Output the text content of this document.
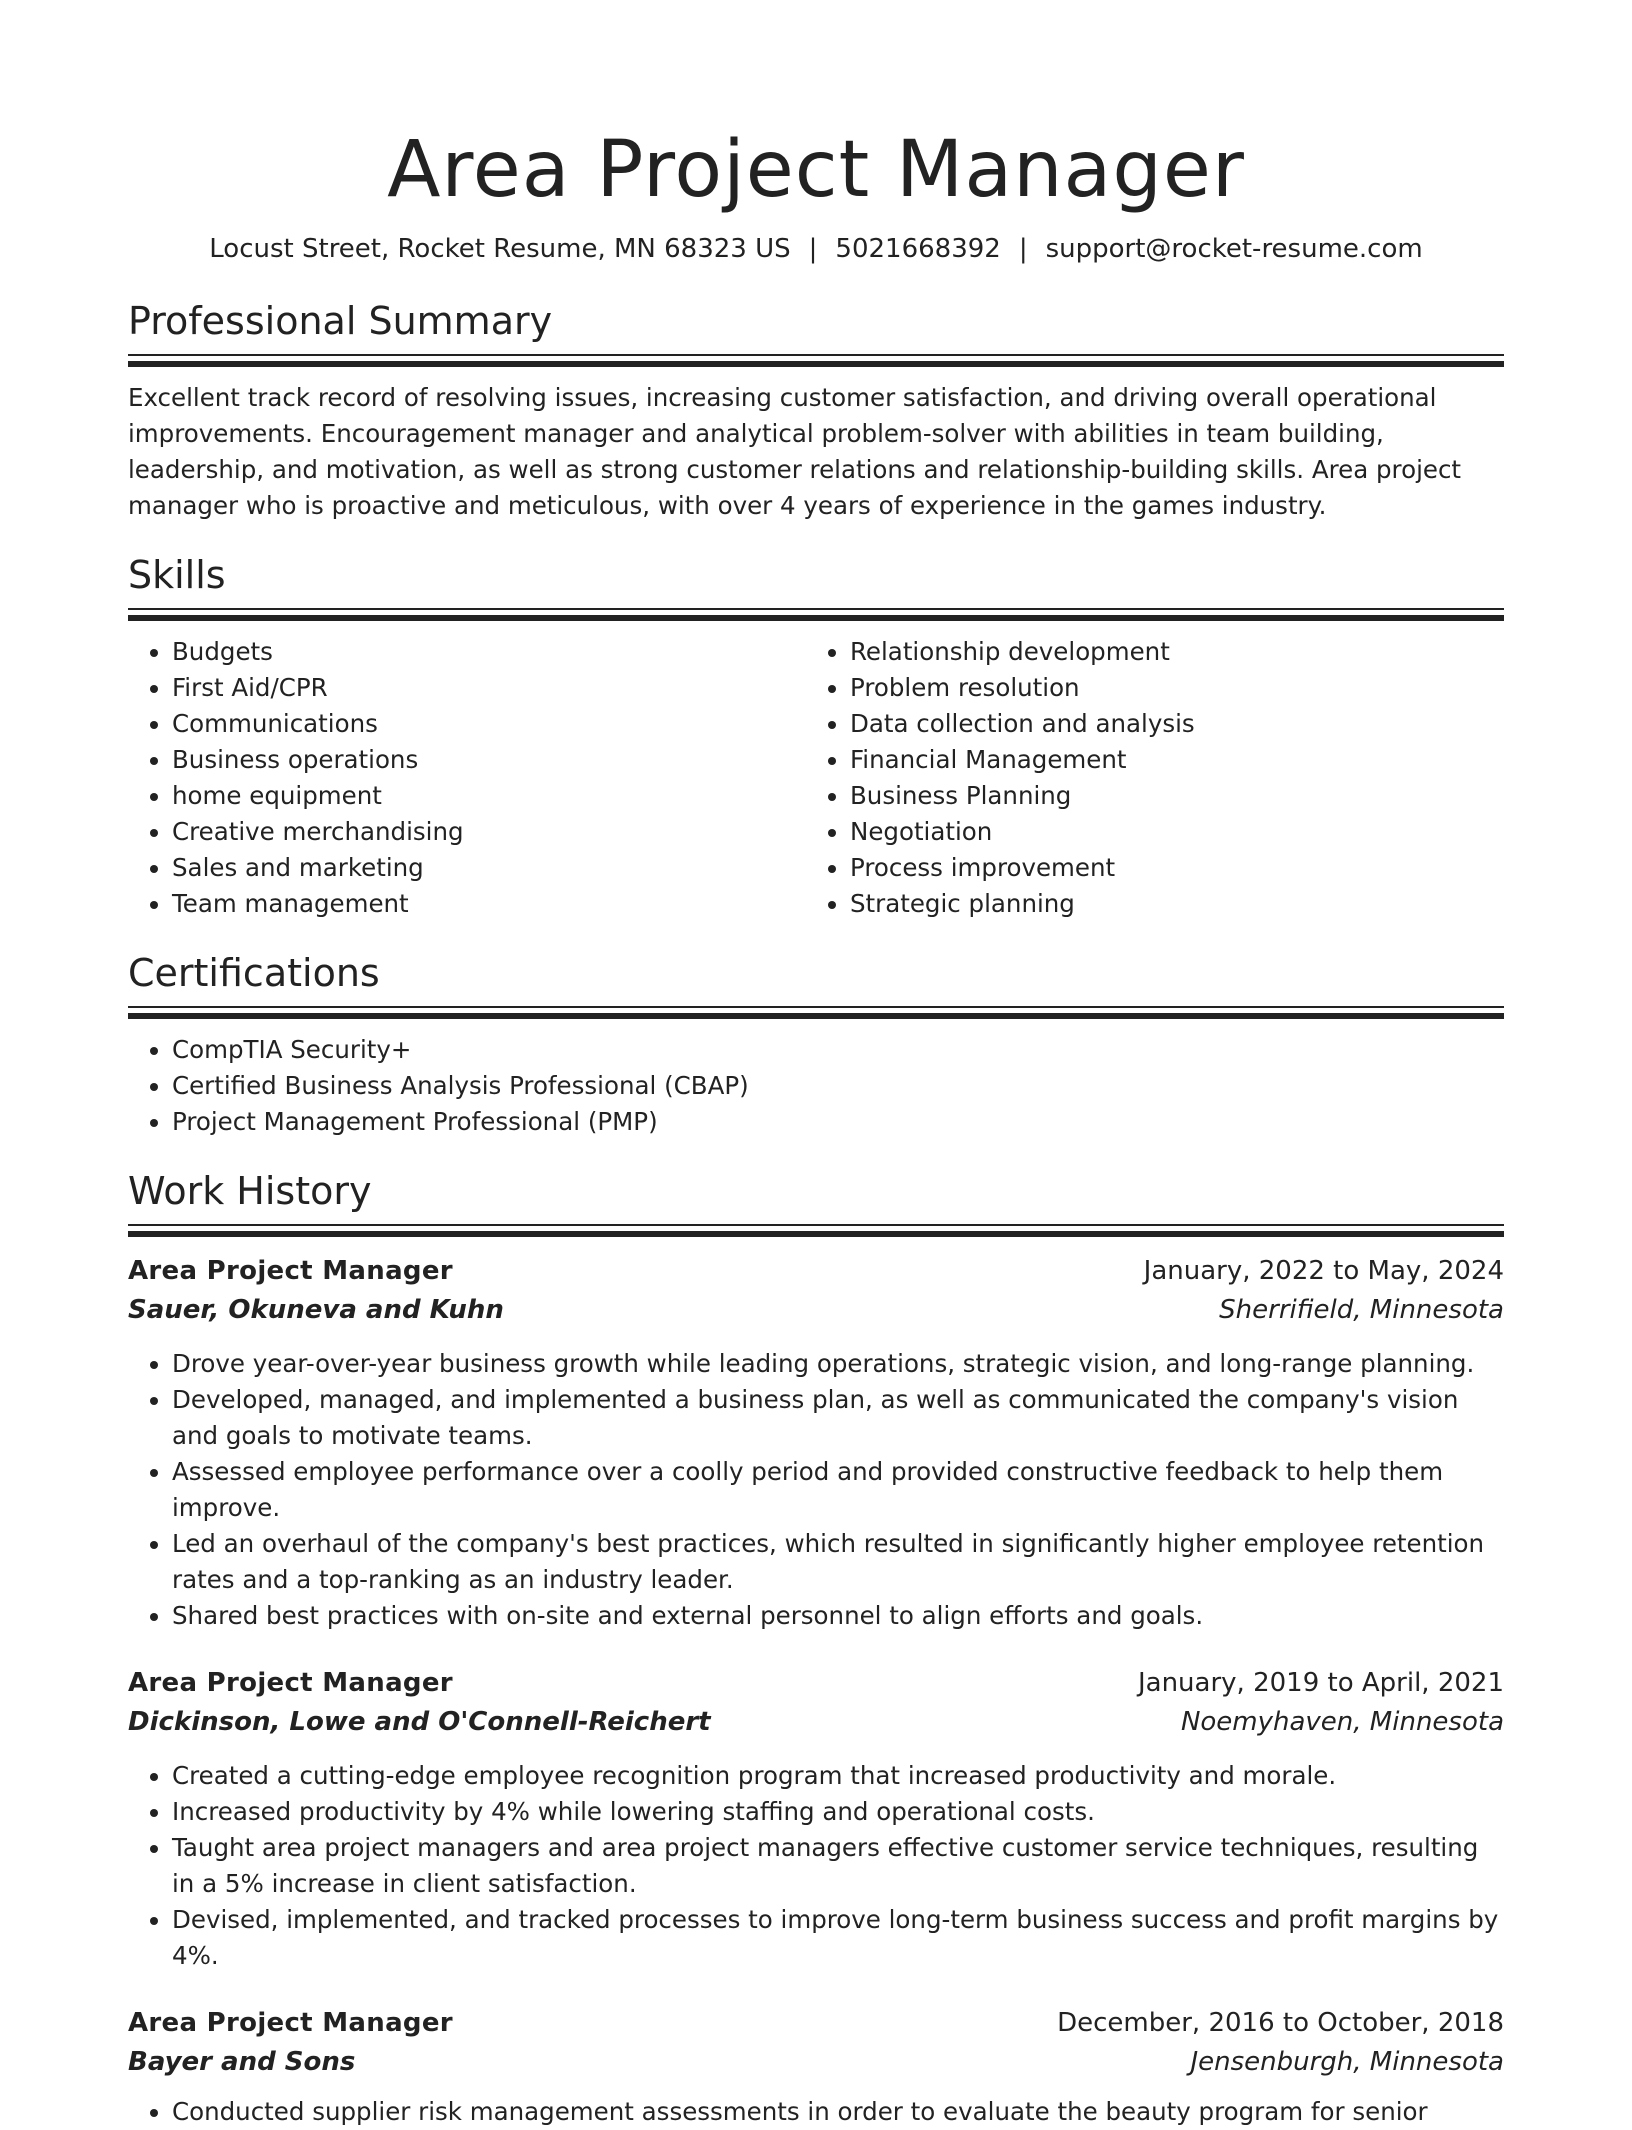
Area Project Manager
Locust Street, Rocket Resume, MN 68323 US | 5021668392 | support@rocket-resume.com
Professional Summary

Excellent track record of resolving issues, increasing customer satisfaction, and driving overall operational improvements. Encouragement manager and analytical problem-solver with abilities in team building, leadership, and motivation, as well as strong customer relations and relationship-building skills. Area project manager who is proactive and meticulous, with over 4 years of experience in the games industry.

Skills
• Budgets
• First Aid/CPR
• Communications
• Business operations
• home equipment
• Creative merchandising
• Sales and marketing
• Team management
• Relationship development
• Problem resolution
• Data collection and analysis
• Financial Management
• Business Planning
• Negotiation
• Process improvement
• Strategic planning
Certifications
• CompTIA Security+
• Certified Business Analysis Professional (CBAP)
• Project Management Professional (PMP)
Work History
Area Project Manager	January, 2022 to May, 2024
Sauer, Okuneva and Kuhn	Sherrifield, Minnesota
• Drove year-over-year business growth while leading operations, strategic vision, and long-range planning.
• Developed, managed, and implemented a business plan, as well as communicated the company's vision and goals to motivate teams.
• Assessed employee performance over a coolly period and provided constructive feedback to help them improve.
• Led an overhaul of the company's best practices, which resulted in significantly higher employee retention rates and a top-ranking as an industry leader.
• Shared best practices with on-site and external personnel to align efforts and goals.
Area Project Manager	January, 2019 to April, 2021
Dickinson, Lowe and O'Connell-Reichert	Noemyhaven, Minnesota
• Created a cutting-edge employee recognition program that increased productivity and morale.
• Increased productivity by 4% while lowering staffing and operational costs.
• Taught area project managers and area project managers effective customer service techniques, resulting in a 5% increase in client satisfaction.
• Devised, implemented, and tracked processes to improve long-term business success and profit margins by 4%.
Area Project Manager	December, 2016 to October, 2018
Bayer and Sons	Jensenburgh, Minnesota
• Conducted supplier risk management assessments in order to evaluate the beauty program for senior
